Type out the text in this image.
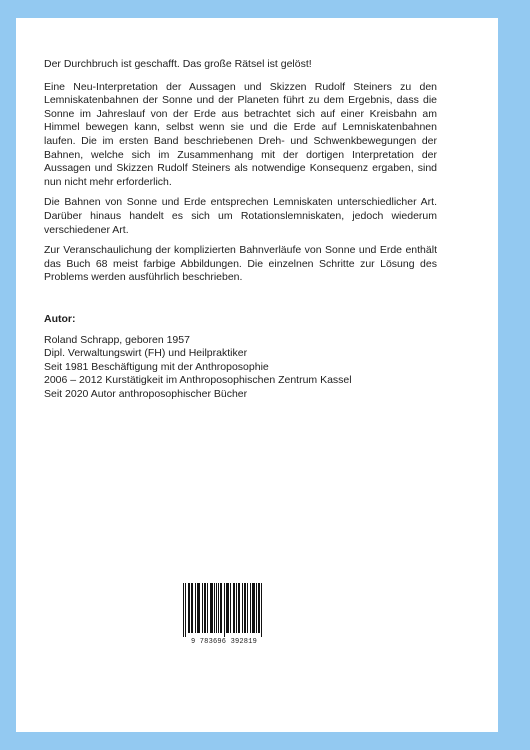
Der Durchbruch ist geschafft. Das große Rätsel ist gelöst!

Eine Neu-Interpretation der Aussagen und Skizzen Rudolf Steiners zu den Lemniskatenbahnen der Sonne und der Planeten führt zu dem Ergebnis, dass die Sonne im Jahreslauf von der Erde aus betrachtet sich auf einer Kreisbahn am Himmel bewegen kann, selbst wenn sie und die Erde auf Lemniskatenbahnen laufen. Die im ersten Band beschriebenen Dreh- und Schwenkbewegungen der Bahnen, welche sich im Zusammenhang mit der dortigen Interpretation der Aussagen und Skizzen Rudolf Steiners als notwendige Konsequenz ergaben, sind nun nicht mehr erforderlich.

Die Bahnen von Sonne und Erde entsprechen Lemniskaten unterschiedlicher Art. Darüber hinaus handelt es sich um Rotationslemniskaten, jedoch wiederum verschiedener Art.

Zur Veranschaulichung der komplizierten Bahnverläufe von Sonne und Erde enthält das Buch 68 meist farbige Abbildungen. Die einzelnen Schritte zur Lösung des Problems werden ausführlich beschrieben.

Autor:
Roland Schrapp, geboren 1957
Dipl. Verwaltungswirt (FH) und Heilpraktiker
Seit 1981 Beschäftigung mit der Anthroposophie
2006 – 2012 Kurstätigkeit im Anthroposophischen Zentrum Kassel
Seit 2020 Autor anthroposophischer Bücher
9 783696 392819
